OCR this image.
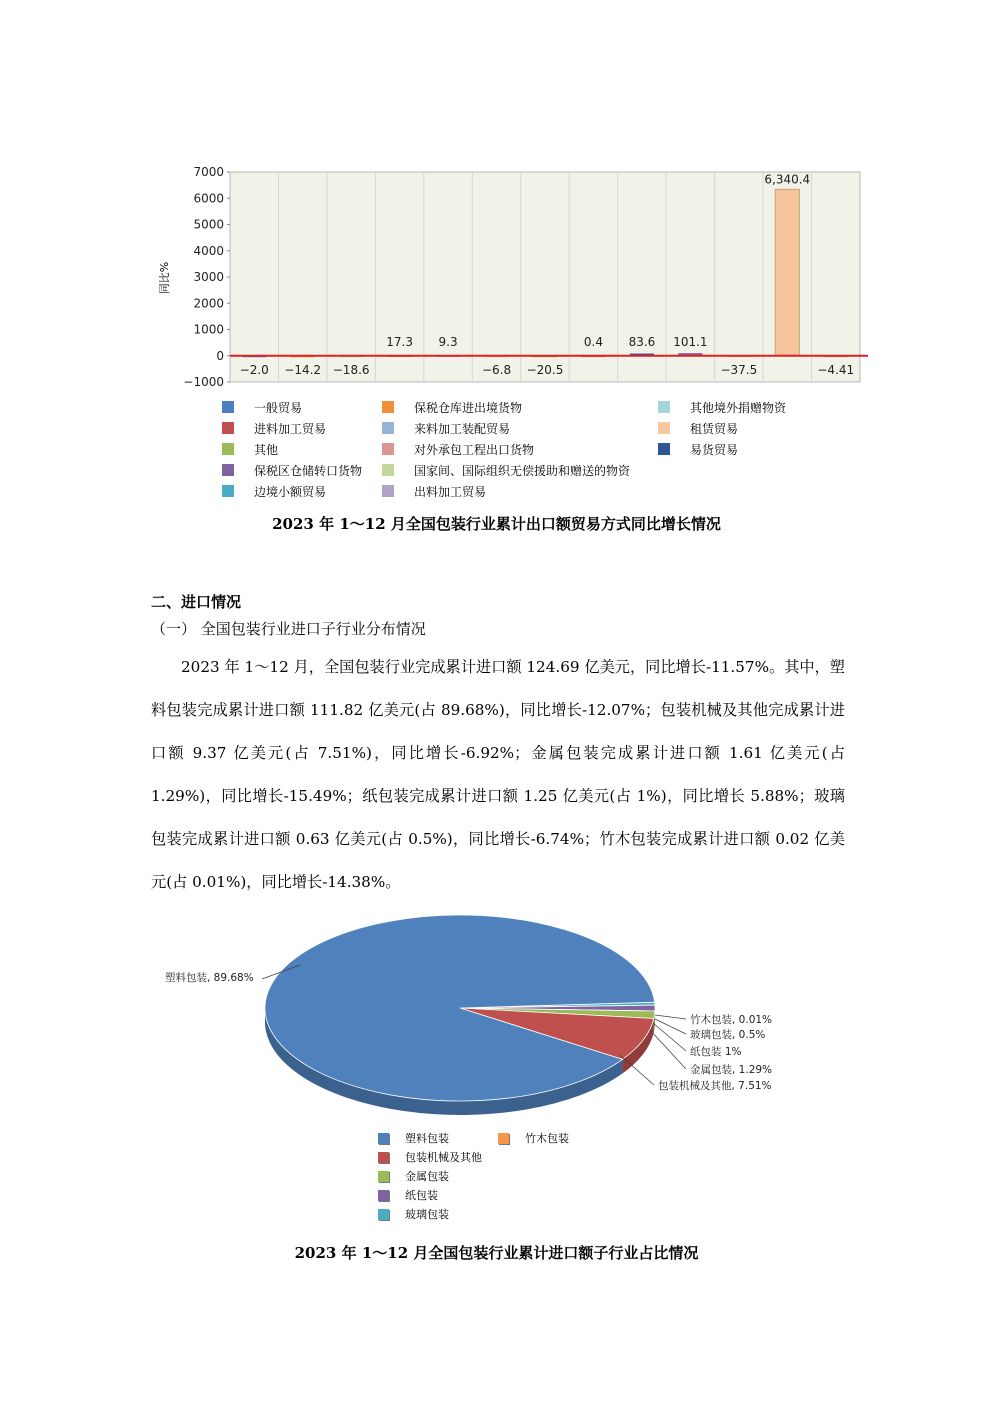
7000
6000
5000
4000
3000
2000
1000
0
−1000
−2.0 −14.2 −18.6
17.3 9.3
−6.8 −20.5
0.4 83.6 101.1
−37.5
6,340.4
−4.41
同比%
一般贸易	保税仓库进出境货物	其他境外捐赠物资
进料加工贸易	来料加工装配贸易	租赁贸易
其他	对外承包工程出口货物	易货贸易
保税区仓储转口货物	国家间、国际组织无偿援助和赠送的物资
边境小额贸易	出料加工贸易
2023 年 1～12 月全国包装行业累计出口额贸易方式同比增长情况
二、进口情况
（一） 全国包装行业进口子行业分布情况
2023 年 1～12 月，全国包装行业完成累计进口额 124.69 亿美元，同比增长-11.57%。其中，塑料包装完成累计进口额 111.82 亿美元(占 89.68%)，同比增长-12.07%；包装机械及其他完成累计进口额 9.37 亿美元(占 7.51%)，同比增长-6.92%；金属包装完成累计进口额 1.61 亿美元(占 1.29%)，同比增长-15.49%；纸包装完成累计进口额 1.25 亿美元(占 1%)，同比增长 5.88%；玻璃包装完成累计进口额 0.63 亿美元(占 0.5%)，同比增长-6.74%；竹木包装完成累计进口额 0.02 亿美元(占 0.01%)，同比增长-14.38%。
塑料包装, 89.68%
包装机械及其他, 7.51%
金属包装, 1.29%
纸包装 1%
玻璃包装, 0.5%
竹木包装, 0.01%
塑料包装	竹木包装
包装机械及其他
金属包装
纸包装
玻璃包装
2023 年 1～12 月全国包装行业累计进口额子行业占比情况
